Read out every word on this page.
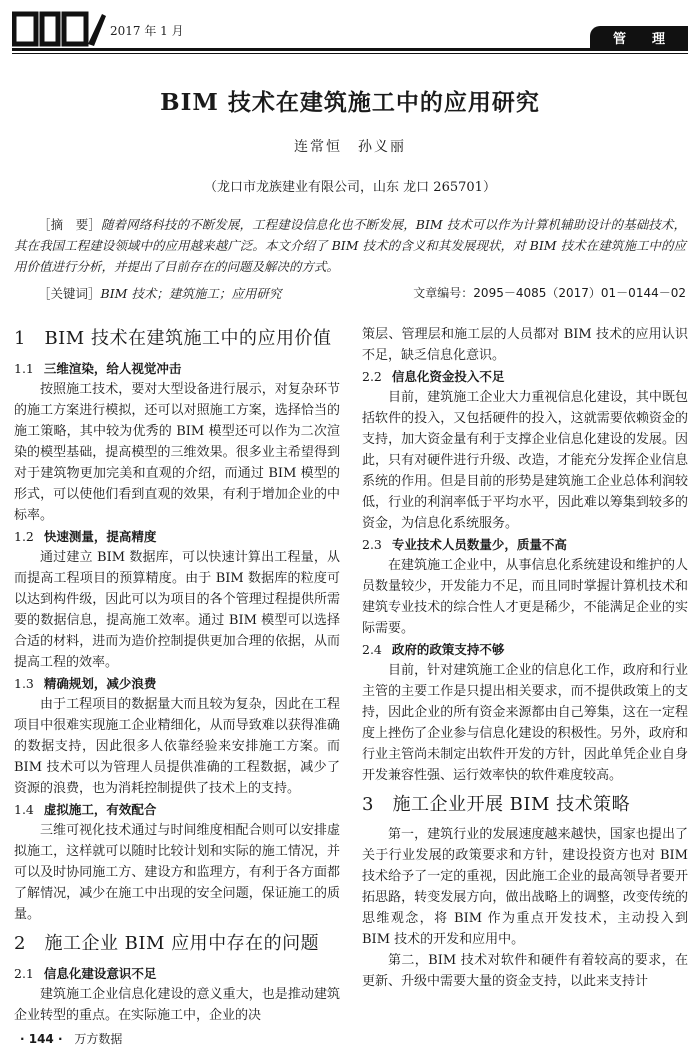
2017 年 1 月
管 理
BIM 技术在建筑施工中的应用研究
连常恒　孙义丽
（龙口市龙族建业有限公司，山东 龙口 265701）

［摘　要］随着网络科技的不断发展，工程建设信息化也不断发展，BIM 技术可以作为计算机辅助设计的基础技术，其在我国工程建设领域中的应用越来越广泛。本文介绍了 BIM 技术的含义和其发展现状，对 BIM 技术在建筑施工中的应用价值进行分析，并提出了目前存在的问题及解决的方式。

［关键词］BIM 技术；建筑施工；应用研究	文章编号：2095－4085（2017）01－0144－02
1　BIM 技术在建筑施工中的应用价值
1.1 三维渲染，给人视觉冲击

按照施工技术，要对大型设备进行展示，对复杂环节的施工方案进行模拟，还可以对照施工方案，选择恰当的施工策略，其中较为优秀的 BIM 模型还可以作为二次渲染的模型基础，提高模型的三维效果。很多业主希望得到对于建筑物更加完美和直观的介绍，而通过 BIM 模型的形式，可以使他们看到直观的效果，有利于增加企业的中标率。

1.2 快速测量，提高精度

通过建立 BIM 数据库，可以快速计算出工程量，从而提高工程项目的预算精度。由于 BIM 数据库的粒度可以达到构件级，因此可以为项目的各个管理过程提供所需要的数据信息，提高施工效率。通过 BIM 模型可以选择合适的材料，进而为造价控制提供更加合理的依据，从而提高工程的效率。

1.3 精确规划，减少浪费

由于工程项目的数据量大而且较为复杂，因此在工程项目中很难实现施工企业精细化，从而导致难以获得准确的数据支持，因此很多人依靠经验来安排施工方案。而 BIM 技术可以为管理人员提供准确的工程数据，减少了资源的浪费，也为消耗控制提供了技术上的支持。

1.4 虚拟施工，有效配合

三维可视化技术通过与时间维度相配合则可以安排虚拟施工，这样就可以随时比较计划和实际的施工情况，并可以及时协同施工方、建设方和监理方，有利于各方面都了解情况，减少在施工中出现的安全问题，保证施工的质量。

2　施工企业 BIM 应用中存在的问题
2.1 信息化建设意识不足

建筑施工企业信息化建设的意义重大，也是推动建筑企业转型的重点。在实际施工中，企业的决

策层、管理层和施工层的人员都对 BIM 技术的应用认识不足，缺乏信息化意识。

2.2 信息化资金投入不足

目前，建筑施工企业大力重视信息化建设，其中既包括软件的投入，又包括硬件的投入，这就需要依赖资金的支持，加大资金量有利于支撑企业信息化建设的发展。因此，只有对硬件进行升级、改造，才能充分发挥企业信息系统的作用。但是目前的形势是建筑施工企业总体利润较低，行业的利润率低于平均水平，因此难以筹集到较多的资金，为信息化系统服务。

2.3 专业技术人员数量少，质量不高

在建筑施工企业中，从事信息化系统建设和维护的人员数量较少，开发能力不足，而且同时掌握计算机技术和建筑专业技术的综合性人才更是稀少，不能满足企业的实际需要。

2.4 政府的政策支持不够

目前，针对建筑施工企业的信息化工作，政府和行业主管的主要工作是只提出相关要求，而不提供政策上的支持，因此企业的所有资金来源都由自己筹集，这在一定程度上挫伤了企业参与信息化建设的积极性。另外，政府和行业主管尚未制定出软件开发的方针，因此单凭企业自身开发兼容性强、运行效率快的软件难度较高。

3　施工企业开展 BIM 技术策略

第一，建筑行业的发展速度越来越快，国家也提出了关于行业发展的政策要求和方针，建设投资方也对 BIM 技术给予了一定的重视，因此施工企业的最高领导者要开拓思路，转变发展方向，做出战略上的调整，改变传统的思维观念，将 BIM 作为重点开发技术，主动投入到 BIM 技术的开发和应用中。

第二，BIM 技术对软件和硬件有着较高的要求，在更新、升级中需要大量的资金支持，以此来支持计

· 144 · 万方数据
